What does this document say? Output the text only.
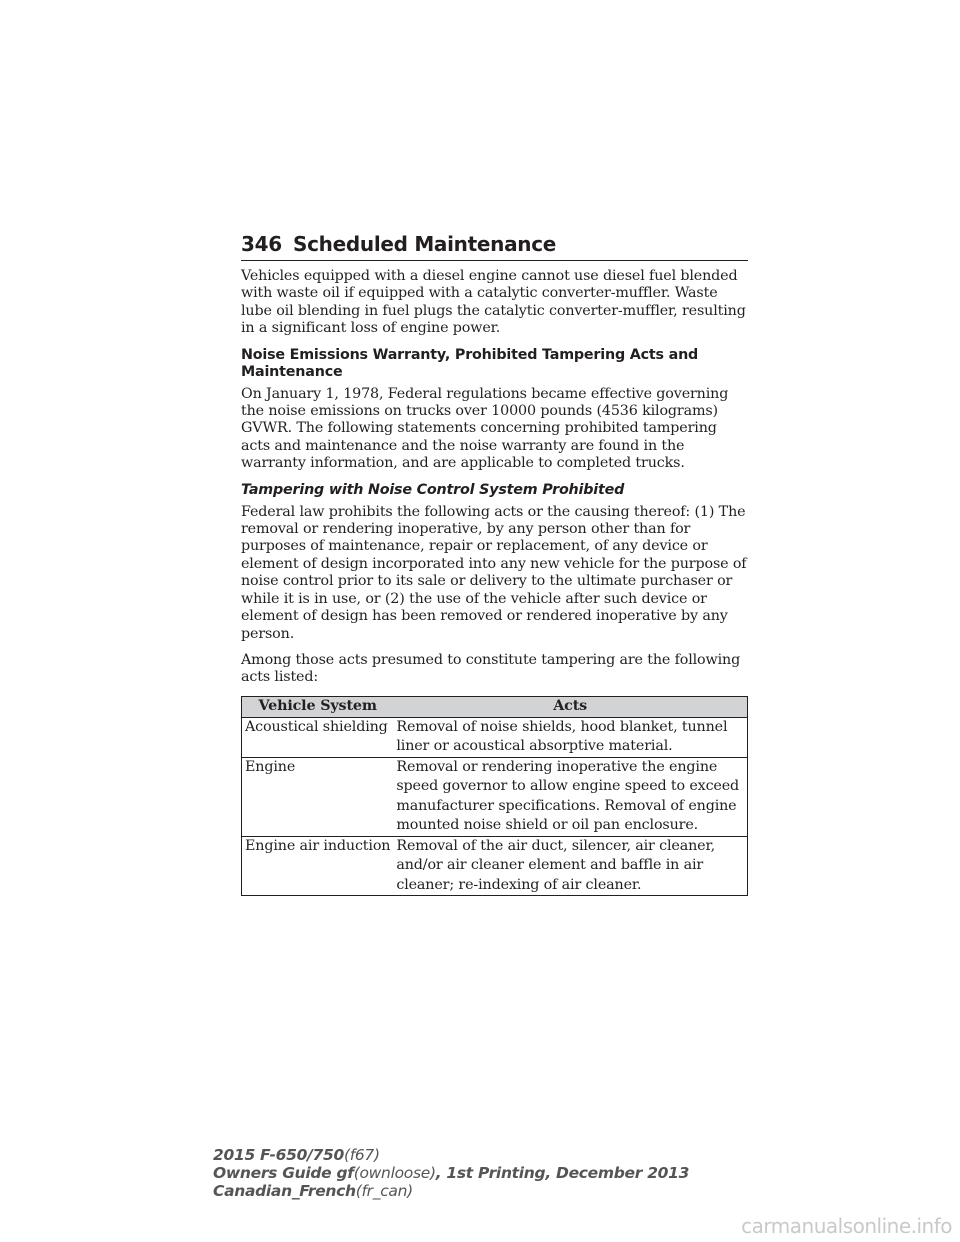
346 Scheduled Maintenance

Vehicles equipped with a diesel engine cannot use diesel fuel blended with waste oil if equipped with a catalytic converter-muffler. Waste lube oil blending in fuel plugs the catalytic converter-muffler, resulting in a significant loss of engine power.

Noise Emissions Warranty, Prohibited Tampering Acts and Maintenance

On January 1, 1978, Federal regulations became effective governing the noise emissions on trucks over 10000 pounds (4536 kilograms) GVWR. The following statements concerning prohibited tampering acts and maintenance and the noise warranty are found in the warranty information, and are applicable to completed trucks.

Tampering with Noise Control System Prohibited

Federal law prohibits the following acts or the causing thereof: (1) The removal or rendering inoperative, by any person other than for purposes of maintenance, repair or replacement, of any device or element of design incorporated into any new vehicle for the purpose of noise control prior to its sale or delivery to the ultimate purchaser or while it is in use, or (2) the use of the vehicle after such device or element of design has been removed or rendered inoperative by any person.

Among those acts presumed to constitute tampering are the following acts listed:

Vehicle System	Acts
Acoustical shielding	Removal of noise shields, hood blanket, tunnel liner or acoustical absorptive material.
Engine	Removal or rendering inoperative the engine speed governor to allow engine speed to exceed manufacturer specifications. Removal of engine mounted noise shield or oil pan enclosure.
Engine air induction	Removal of the air duct, silencer, air cleaner, and/or air cleaner element and baffle in air cleaner; re-indexing of air cleaner.
2015 F-650/750(f67)
Owners Guide gf(ownloose), 1st Printing, December 2013
Canadian_French(fr_can)
carmanualsonline.info
